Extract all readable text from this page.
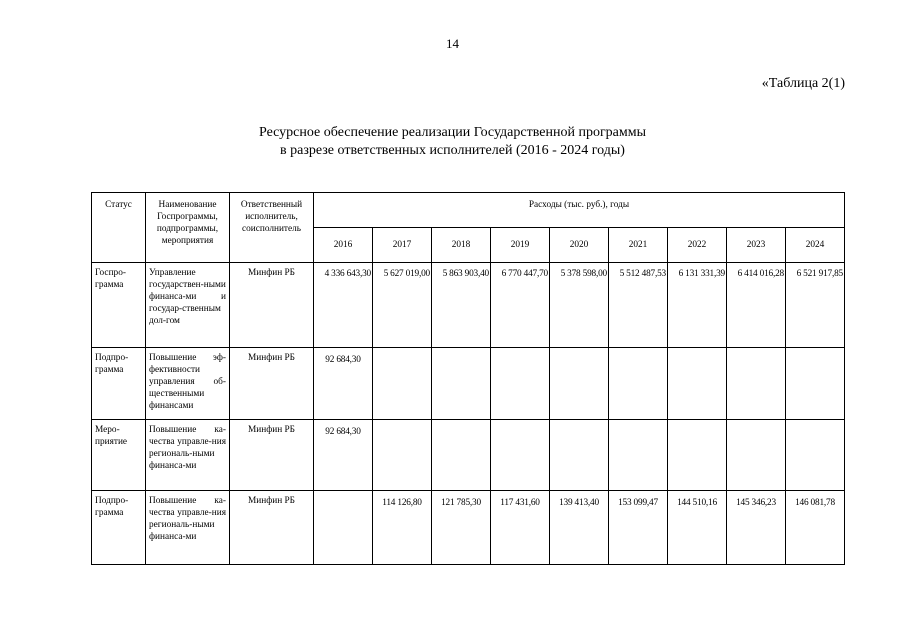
14
«Таблица 2(1)
Ресурсное обеспечение реализации Государственной программы
в разрезе ответственных исполнителей (2016 - 2024 годы)
Статус	Наименование Госпрограммы, подпрограммы, мероприятия	Ответственный исполнитель, соисполнитель	Расходы (тыс. руб.), годы								
			2016	2017	2018	2019	2020	2021	2022	2023	2024
Госпро-грамма	Управление государствен-ными финанса-ми и государ-ственным дол-гом	Минфин РБ	4 336 643,30	5 627 019,00	5 863 903,40	6 770 447,70	5 378 598,00	5 512 487,53	6 131 331,39	6 414 016,28	6 521 917,85
Подпро-грамма	Повышение эф-фективности управления об-щественными финансами	Минфин РБ	92 684,30								
Меро-приятие	Повышение ка-чества управле-ния региональ-ными финанса-ми	Минфин РБ	92 684,30								
Подпро-грамма	Повышение ка-чества управле-ния региональ-ными финанса-ми	Минфин РБ		114 126,80	121 785,30	117 431,60	139 413,40	153 099,47	144 510,16	145 346,23	146 081,78
